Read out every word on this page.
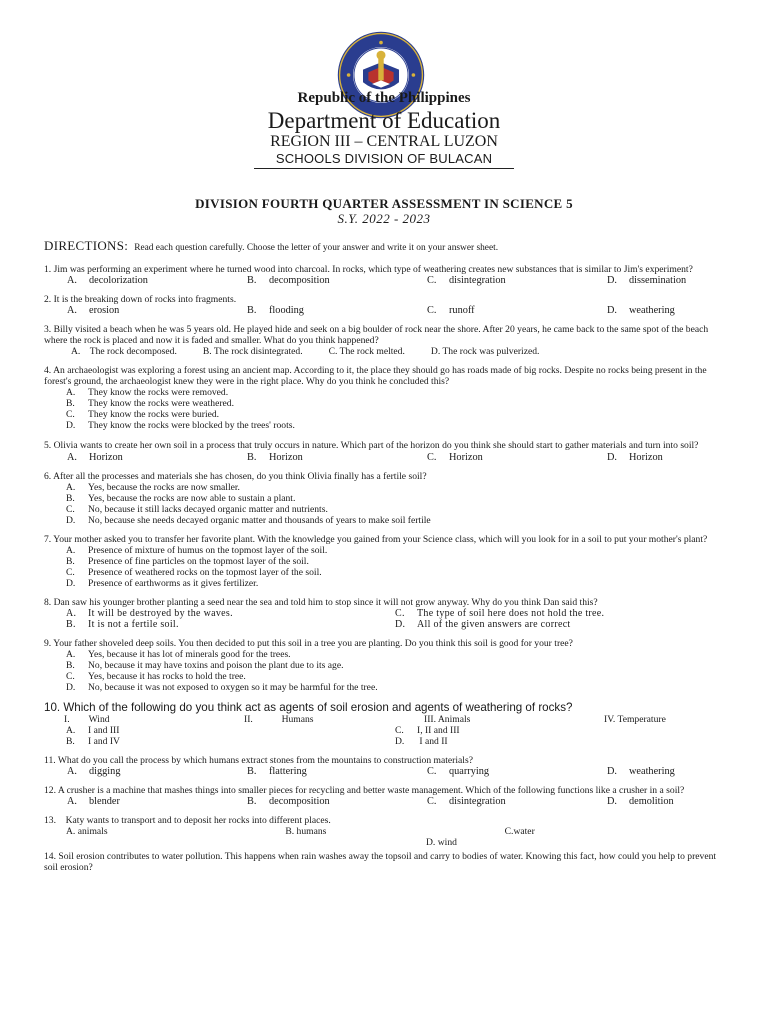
Republic of the Philippines
Department of Education
REGION III – CENTRAL LUZON
SCHOOLS DIVISION OF BULACAN
DIVISION FOURTH QUARTER ASSESSMENT IN SCIENCE 5
S.Y. 2022 - 2023
DIRECTIONS: Read each question carefully. Choose the letter of your answer and write it on your answer sheet.

1. Jim was performing an experiment where he turned wood into charcoal. In rocks, which type of weathering creates new substances that is similar to Jim's experiment?

A. decolorization	B. decomposition	C. disintegration	D. dissemination

2. It is the breaking down of rocks into fragments.

A. erosion	B. flooding	C. runoff	D. weathering

3. Billy visited a beach when he was 5 years old. He played hide and seek on a big boulder of rock near the shore. After 20 years, he came back to the same spot of the beach where the rock is placed and now it is faded and smaller. What do you think happened?

A.    The rock decomposed.	B. The rock disintegrated.	C. The rock melted.	D. The rock was pulverized.

4. An archaeologist was exploring a forest using an ancient map. According to it, the place they should go has roads made of big rocks. Despite no rocks being present in the forest's ground, the archaeologist knew they were in the right place. Why do you think he concluded this?

A.	They know the rocks were removed.
B.	They know the rocks were weathered.
C.	They know the rocks were buried.
D.	They know the rocks were blocked by the trees' roots.

5. Olivia wants to create her own soil in a process that truly occurs in nature. Which part of the horizon do you think she should start to gather materials and turn into soil?

A. Horizon	B. Horizon	C. Horizon	D. Horizon

6. After all the processes and materials she has chosen, do you think Olivia finally has a fertile soil?

A.	Yes, because the rocks are now smaller.
B.	Yes, because the rocks are now able to sustain a plant.
C.	No, because it still lacks decayed organic matter and nutrients.
D.	No, because she needs decayed organic matter and thousands of years to make soil fertile

7. Your mother asked you to transfer her favorite plant. With the knowledge you gained from your Science class, which will you look for in a soil to put your mother's plant?

A.	Presence of mixture of humus on the topmost layer of the soil.
B.	Presence of fine particles on the topmost layer of the soil.
C.	Presence of weathered rocks on the topmost layer of the soil.
D.	Presence of earthworms as it gives fertilizer.

8. Dan saw his younger brother planting a seed near the sea and told him to stop since it will not grow anyway. Why do you think Dan said this?

A.	It will be destroyed by the waves.	C.	The type of soil here does not hold the tree.
B.	It is not a fertile soil.	D.	All of the given answers are correct

9. Your father shoveled deep soils. You then decided to put this soil in a tree you are planting. Do you think this soil is good for your tree?

A.	Yes, because it has lot of minerals good for the trees.
B.	No, because it may have toxins and poison the plant due to its age.
C.	Yes, because it has rocks to hold the tree.
D.	No, because it was not exposed to oxygen so it may be harmful for the tree.

10. Which of the following do you think act as agents of soil erosion and agents of weathering of rocks?

I.        Wind	II.            Humans	III. Animals	IV. Temperature
A.	I and III	C.	I, II and III
B.	I and IV	D.	I and II

11. What do you call the process by which humans extract stones from the mountains to construction materials?

A. digging	B. flattering	C. quarrying	D. weathering

12. A crusher is a machine that mashes things into smaller pieces for recycling and better waste management. Which of the following functions like a crusher in a soil?

A. blender	B. decomposition	C. disintegration	D. demolition

13.    Katy wants to transport and to deposit her rocks into different places.

A. animals	B. humans	C.water
D. wind

14. Soil erosion contributes to water pollution. This happens when rain washes away the topsoil and carry to bodies of water. Knowing this fact, how could you help to prevent soil erosion?
